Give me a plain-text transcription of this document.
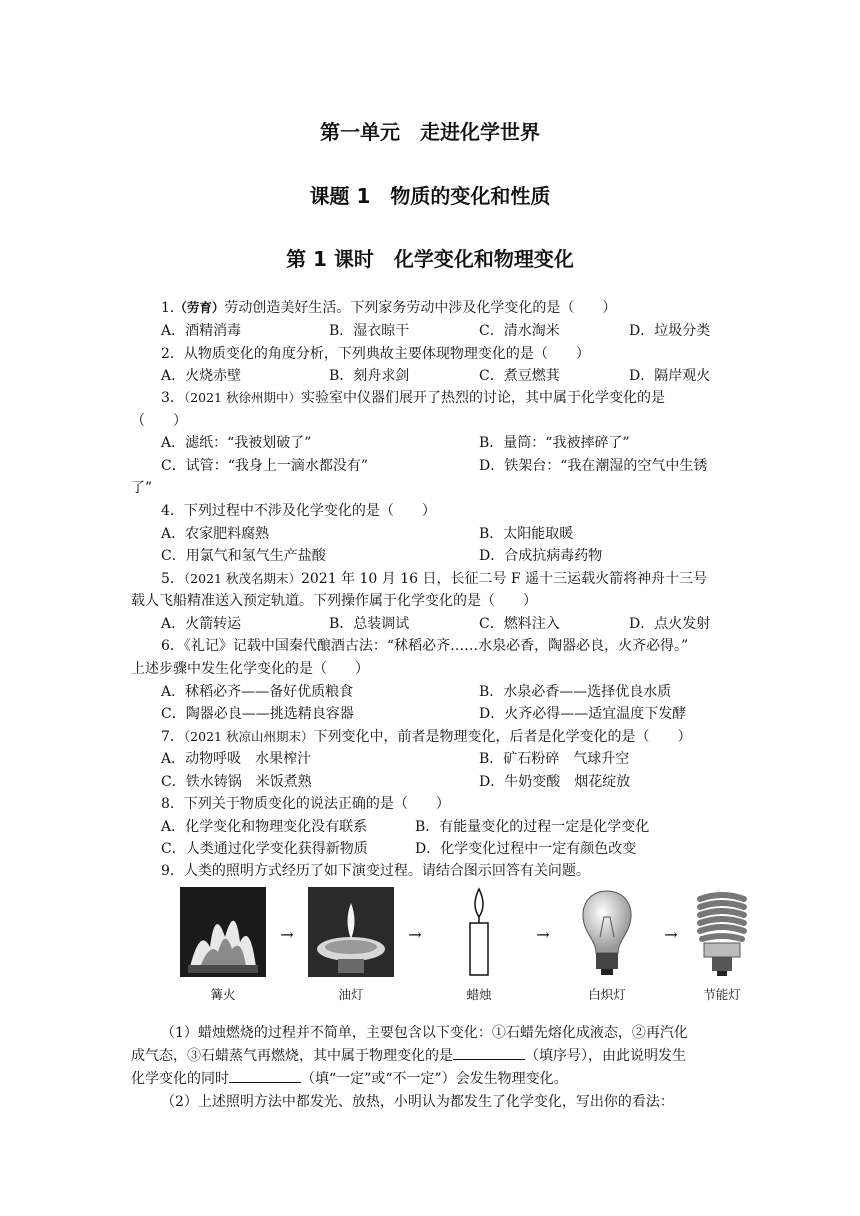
第一单元　走进化学世界
课题 1　物质的变化和性质
第 1 课时　化学变化和物理变化
1.（劳育）劳动创造美好生活。下列家务劳动中涉及化学变化的是（　　）
A．酒精消毒	B．湿衣晾干	C．清水淘米	D．垃圾分类
2．从物质变化的角度分析，下列典故主要体现物理变化的是（　　）
A．火烧赤壁	B．刻舟求剑	C．煮豆燃萁	D．隔岸观火
3．（2021 秋徐州期中）实验室中仪器们展开了热烈的讨论，其中属于化学变化的是
（　　）
A．滤纸：“我被划破了”	B．量筒：“我被摔碎了”
C．试管：“我身上一滴水都没有”	D．铁架台：“我在潮湿的空气中生锈
了”
4．下列过程中不涉及化学变化的是（　　）
A．农家肥料腐熟	B．太阳能取暖
C．用氯气和氢气生产盐酸	D．合成抗病毒药物
5．（2021 秋茂名期末）2021 年 10 月 16 日，长征二号 F 遥十三运载火箭将神舟十三号
载人飞船精准送入预定轨道。下列操作属于化学变化的是（　　）
A．火箭转运	B．总装调试	C．燃料注入	D．点火发射
6．《礼记》记载中国秦代酿酒古法：“秫稻必齐……水泉必香，陶器必良，火齐必得。”
上述步骤中发生化学变化的是（　　）
A．秫稻必齐——备好优质粮食	B．水泉必香——选择优良水质
C．陶器必良——挑选精良容器	D．火齐必得——适宜温度下发酵
7．（2021 秋凉山州期末）下列变化中，前者是物理变化，后者是化学变化的是（　　）
A．动物呼吸　水果榨汁	B．矿石粉碎　气球升空
C．铁水铸锅　米饭煮熟	D．牛奶变酸　烟花绽放
8．下列关于物质变化的说法正确的是（　　）
A．化学变化和物理变化没有联系	B．有能量变化的过程一定是化学变化
C．人类通过化学变化获得新物质	D．化学变化过程中一定有颜色改变
9．人类的照明方式经历了如下演变过程。请结合图示回答有关问题。
→	→	→	→
篝火	油灯	蜡烛	白炽灯	节能灯
（1）蜡烛燃烧的过程并不简单，主要包含以下变化：①石蜡先熔化成液态，②再汽化
成气态，③石蜡蒸气再燃烧，其中属于物理变化的是	（填序号），由此说明发生
化学变化的同时	（填“一定”或“不一定”）会发生物理变化。
（2）上述照明方法中都发光、放热，小明认为都发生了化学变化，写出你的看法：
